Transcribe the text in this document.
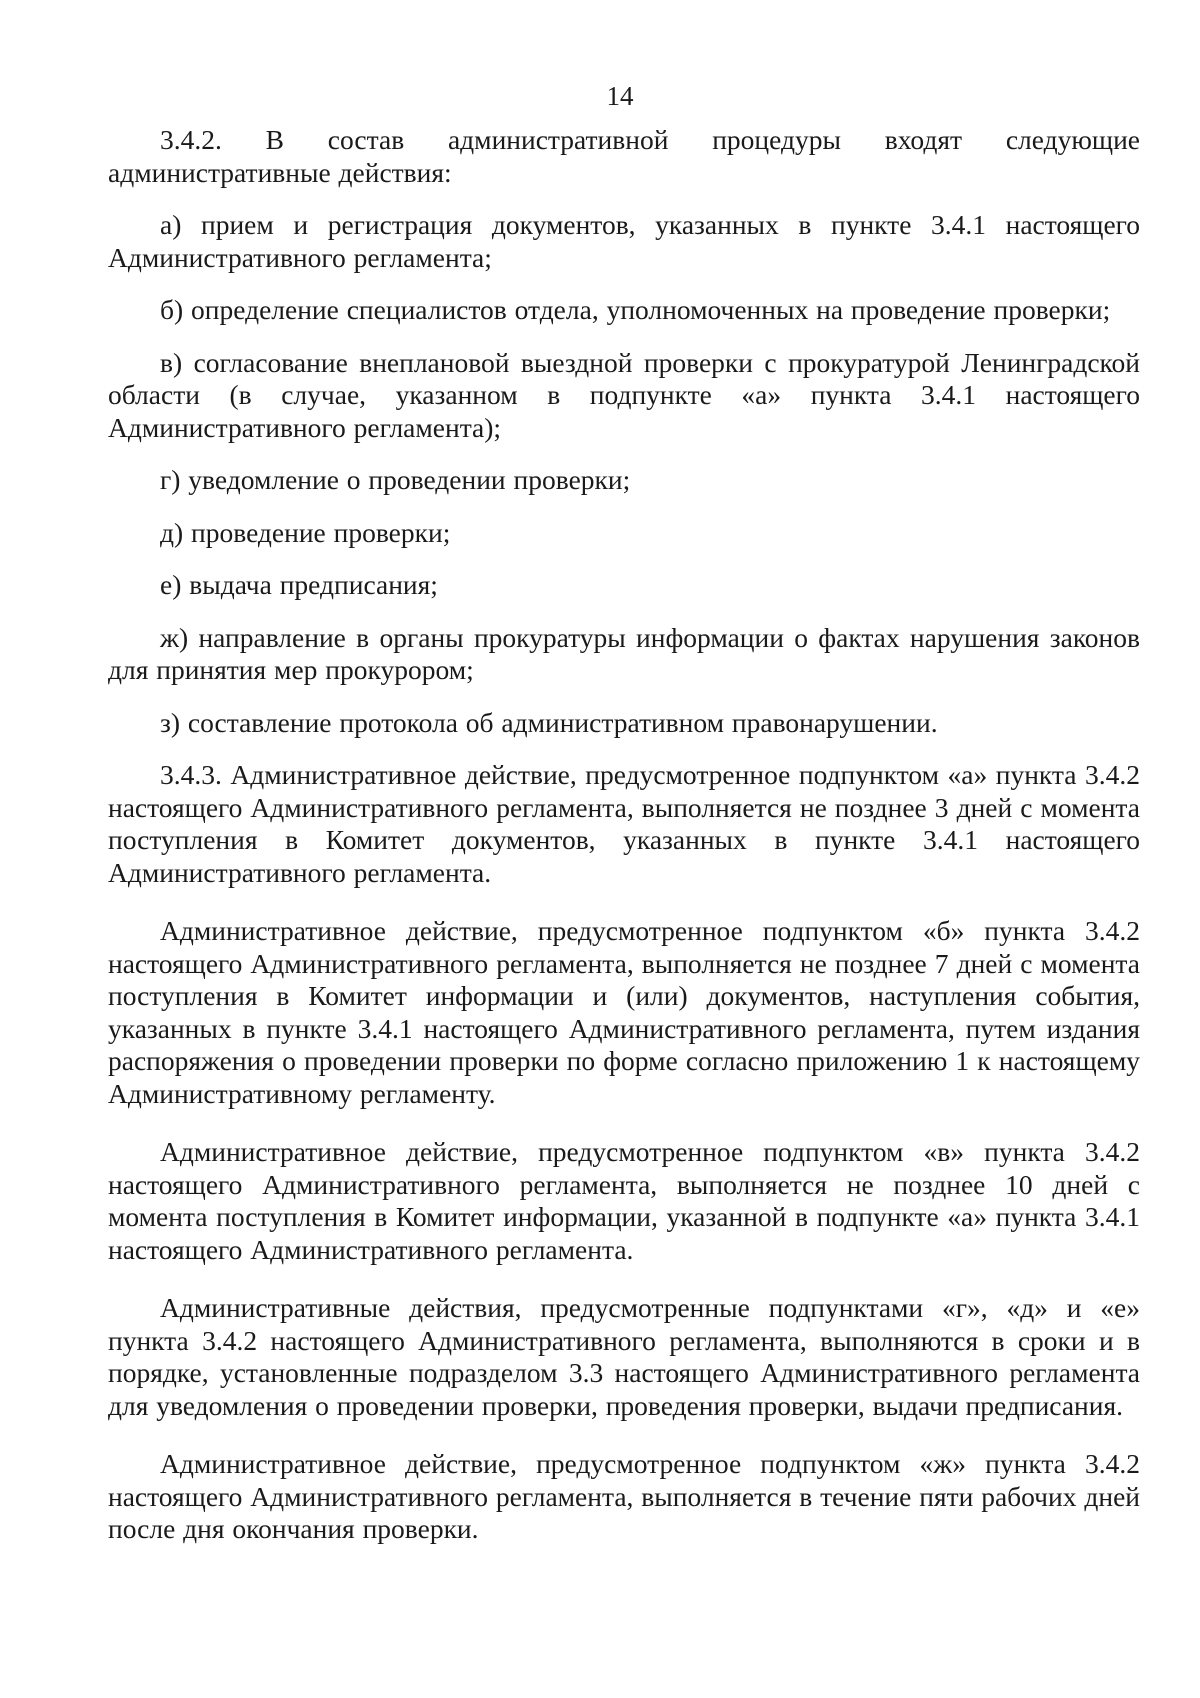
14

3.4.2. В состав административной процедуры входят следующие административные действия:

а) прием и регистрация документов, указанных в пункте 3.4.1 настоящего Административного регламента;

б) определение специалистов отдела, уполномоченных на проведение проверки;

в) согласование внеплановой выездной проверки с прокуратурой Ленинградской области (в случае, указанном в подпункте «а» пункта 3.4.1 настоящего Административного регламента);

г) уведомление о проведении проверки;

д) проведение проверки;

е) выдача предписания;

ж) направление в органы прокуратуры информации о фактах нарушения законов для принятия мер прокурором;

з) составление протокола об административном правонарушении.

3.4.3. Административное действие, предусмотренное подпунктом «а» пункта 3.4.2 настоящего Административного регламента, выполняется не позднее 3 дней с момента поступления в Комитет документов, указанных в пункте 3.4.1 настоящего Административного регламента.

Административное действие, предусмотренное подпунктом «б» пункта 3.4.2 настоящего Административного регламента, выполняется не позднее 7 дней с момента поступления в Комитет информации и (или) документов, наступления события, указанных в пункте 3.4.1 настоящего Административного регламента, путем издания распоряжения о проведении проверки по форме согласно приложению 1 к настоящему Административному регламенту.

Административное действие, предусмотренное подпунктом «в» пункта 3.4.2 настоящего Административного регламента, выполняется не позднее 10 дней с момента поступления в Комитет информации, указанной в подпункте «а» пункта 3.4.1 настоящего Административного регламента.

Административные действия, предусмотренные подпунктами «г», «д» и «е» пункта 3.4.2 настоящего Административного регламента, выполняются в сроки и в порядке, установленные подразделом 3.3 настоящего Административного регламента для уведомления о проведении проверки, проведения проверки, выдачи предписания.

Административное действие, предусмотренное подпунктом «ж» пункта 3.4.2 настоящего Административного регламента, выполняется в течение пяти рабочих дней после дня окончания проверки.
